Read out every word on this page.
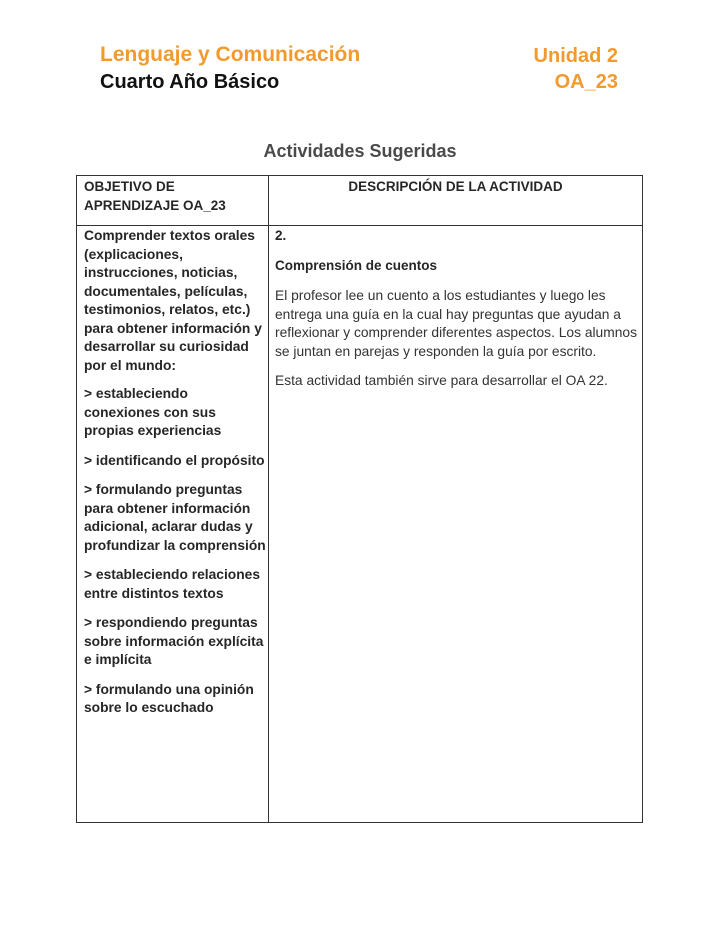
Lenguaje y Comunicación
Cuarto Año Básico
Unidad 2
OA_23
Actividades Sugeridas
OBJETIVO DE APRENDIZAJE OA_23
DESCRIPCIÓN DE LA ACTIVIDAD

Comprender textos orales (explicaciones, instrucciones, noticias, documentales, películas, testimonios, relatos, etc.) para obtener información y desarrollar su curiosidad por el mundo:

> estableciendo conexiones con sus propias experiencias

> identificando el propósito

> formulando preguntas para obtener información adicional, aclarar dudas y profundizar la comprensión

> estableciendo relaciones entre distintos textos

> respondiendo preguntas sobre información explícita e implícita

> formulando una opinión sobre lo escuchado

2.

Comprensión de cuentos

El profesor lee un cuento a los estudiantes y luego les entrega una guía en la cual hay preguntas que ayudan a reflexionar y comprender diferentes aspectos. Los alumnos se juntan en parejas y responden la guía por escrito.

Esta actividad también sirve para desarrollar el OA 22.
